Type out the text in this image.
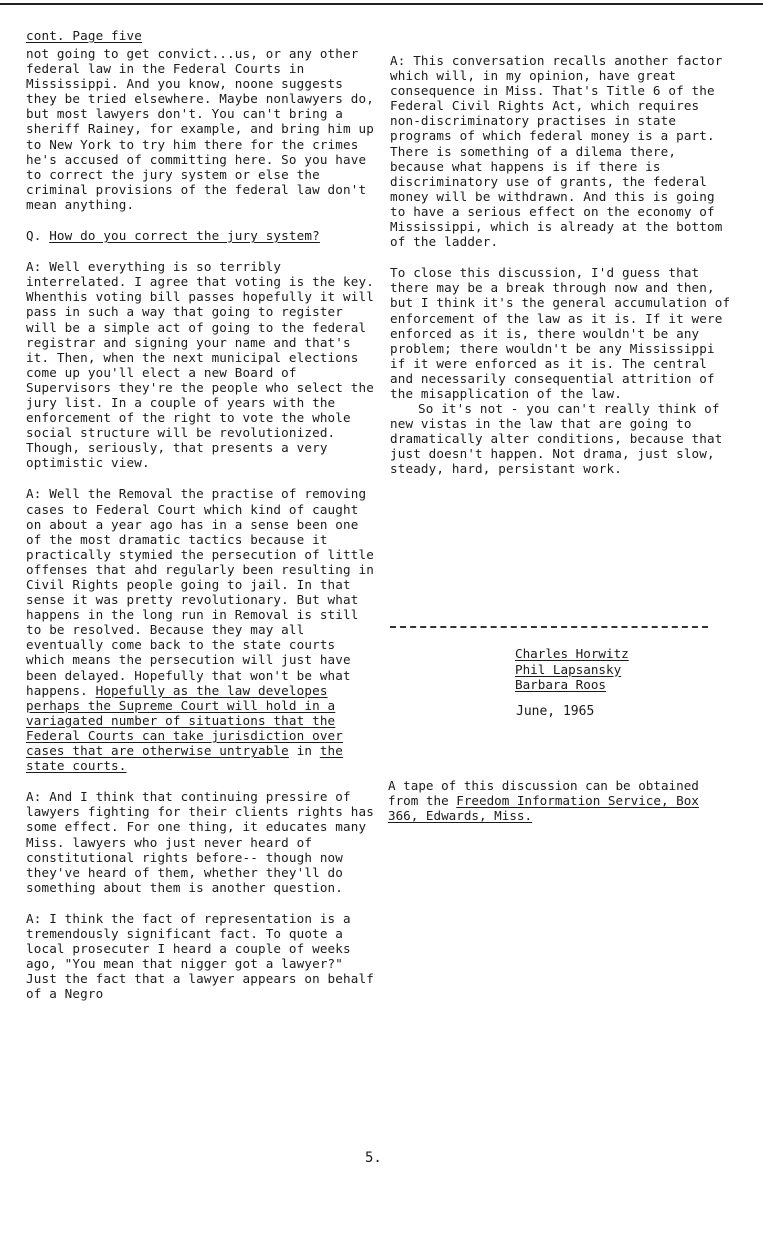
cont. Page five

not going to get convict...us, or any other federal law in the Federal Courts in Mississippi. And you know, noone suggests they be tried elsewhere. Maybe nonlawyers do, but most lawyers don't. You can't bring a sheriff Rainey, for example, and bring him up to New York to try him there for the crimes he's accused of committing here. So you have to correct the jury system or else the criminal provisions of the federal law don't mean anything.

Q. How do you correct the jury system?

A: Well everything is so terribly interrelated. I agree that voting is the key. Whenthis voting bill passes hopefully it will pass in such a way that going to register will be a simple act of going to the federal registrar and signing your name and that's it. Then, when the next municipal elections come up you'll elect a new Board of Supervisors they're the people who select the jury list. In a couple of years with the enforcement of the right to vote the whole social structure will be revolutionized. Though, seriously, that presents a very optimistic view.

A: Well the Removal the practise of removing cases to Federal Court which kind of caught on about a year ago has in a sense been one of the most dramatic tactics because it practically stymied the persecution of little offenses that ahd regularly been resulting in Civil Rights people going to jail. In that sense it was pretty revolutionary. But what happens in the long run in Removal is still to be resolved. Because they may all eventually come back to the state courts which means the persecution will just have been delayed. Hopefully that won't be what happens. Hopefully as the law developes perhaps the Supreme Court will hold in a variagated number of situations that the Federal Courts can take jurisdiction over cases that are otherwise untryable in the state courts.

A: And I think that continuing pressire of lawyers fighting for their clients rights has some effect. For one thing, it educates many Miss. lawyers who just never heard of constitutional rights before-- though now they've heard of them, whether they'll do something about them is another question.

A: I think the fact of representation is a tremendously significant fact. To quote a local prosecuter I heard a couple of weeks ago, "You mean that nigger got a lawyer?" Just the fact that a lawyer appears on behalf of a Negro

A: This conversation recalls another factor which will, in my opinion, have great consequence in Miss. That's Title 6 of the Federal Civil Rights Act, which requires non-discriminatory practises in state programs of which federal money is a part. There is something of a dilema there, because what happens is if there is discriminatory use of grants, the federal money will be withdrawn. And this is going to have a serious effect on the economy of Mississippi, which is already at the bottom of the ladder.

To close this discussion, I'd guess that there may be a break through now and then, but I think it's the general accumulation of enforcement of the law as it is. If it were enforced as it is, there wouldn't be any problem; there wouldn't be any Mississippi if it were enforced as it is. The central and necessarily consequential attrition of the misapplication of the law.

So it's not - you can't really think of new vistas in the law that are going to dramatically alter conditions, because that just doesn't happen. Not drama, just slow, steady, hard, persistant work.

Charles Horwitz

Phil Lapsansky

Barbara Roos

June, 1965

A tape of this discussion can be obtained from the Freedom Information Service, Box 366, Edwards, Miss.

5.
